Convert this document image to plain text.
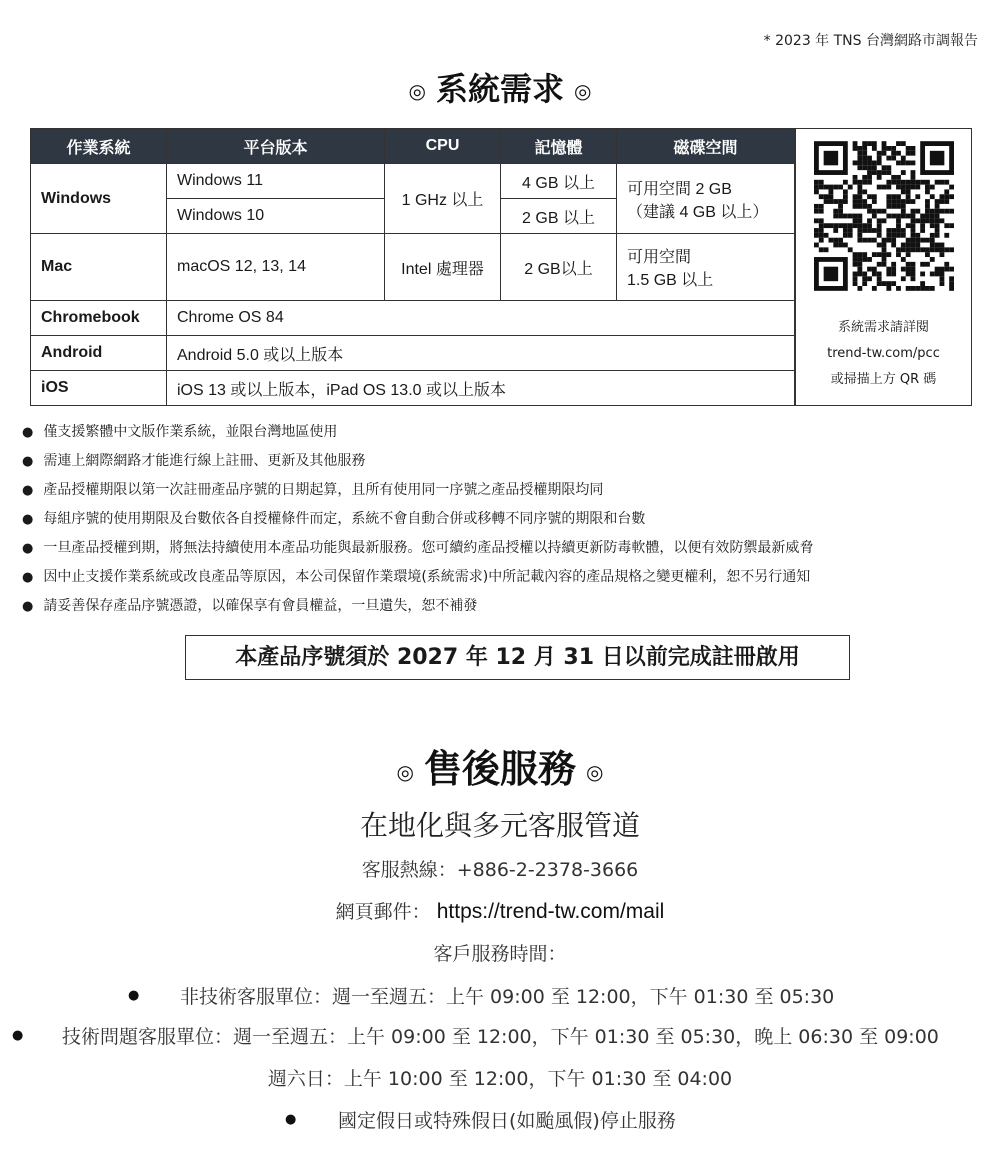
* 2023 年 TNS 台灣網路市調報告
◎ 系統需求 ◎
作業系統	平台版本	CPU	記憶體	磁碟空間
Windows	Windows 11	1 GHz 以上	4 GB 以上	可用空間 2 GB
（建議 4 GB 以上）

	Windows 10		2 GB 以上	
Mac	macOS 12, 13, 14	Intel 處理器	2 GB以上	可用空間
1.5 GB 以上

Chromebook	Chrome OS 84			
Android	Android 5.0 或以上版本			
iOS	iOS 13 或以上版本，iPad OS 13.0 或以上版本			
系統需求請詳閱
trend-tw.com/pcc
或掃描上方 QR 碼
● 僅支援繁體中文版作業系統，並限台灣地區使用
● 需連上網際網路才能進行線上註冊、更新及其他服務
● 產品授權期限以第一次註冊產品序號的日期起算，且所有使用同一序號之產品授權期限均同
● 每組序號的使用期限及台數依各自授權條件而定，系統不會自動合併或移轉不同序號的期限和台數
● 一旦產品授權到期，將無法持續使用本產品功能與最新服務。您可續約產品授權以持續更新防毒軟體，以便有效防禦最新威脅
● 因中止支援作業系統或改良產品等原因，本公司保留作業環境(系統需求)中所記載內容的產品規格之變更權利，恕不另行通知
● 請妥善保存產品序號憑證，以確保享有會員權益，一旦遺失，恕不補發
本產品序號須於 2027 年 12 月 31 日以前完成註冊啟用
◎ 售後服務 ◎
在地化與多元客服管道
客服熱線：+886-2-2378-3666
網頁郵件： https://trend-tw.com/mail
客戶服務時間：
● 非技術客服單位：週一至週五：上午 09:00 至 12:00，下午 01:30 至 05:30
● 技術問題客服單位：週一至週五：上午 09:00 至 12:00，下午 01:30 至 05:30，晚上 06:30 至 09:00
週六日：上午 10:00 至 12:00，下午 01:30 至 04:00
● 國定假日或特殊假日(如颱風假)停止服務
